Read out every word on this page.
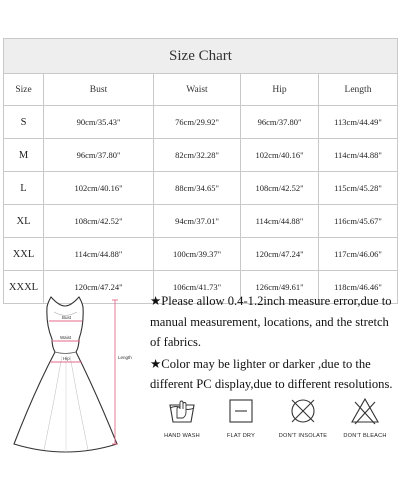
Size Chart				
Size	Bust	Waist	Hip	Length
S	90cm/35.43"	76cm/29.92"	96cm/37.80"	113cm/44.49"
M	96cm/37.80"	82cm/32.28"	102cm/40.16"	114cm/44.88"
L	102cm/40.16"	88cm/34.65"	108cm/42.52"	115cm/45.28"
XL	108cm/42.52"	94cm/37.01"	114cm/44.88"	116cm/45.67"
XXL	114cm/44.88"	100cm/39.37"	120cm/47.24"	117cm/46.06"
XXXL	120cm/47.24"	106cm/41.73"	126cm/49.61"	118cm/46.46"
Bust
Waist
Hip	Length

★Please allow 0.4-1.2inch measure error,due to manual measurement, locations, and the stretch of fabrics.

★Color may be lighter or darker ,due to the different PC display,due to different resolutions.

HAND WASH	FLAT DRY	DON'T INSOLATE	DON'T BLEACH
